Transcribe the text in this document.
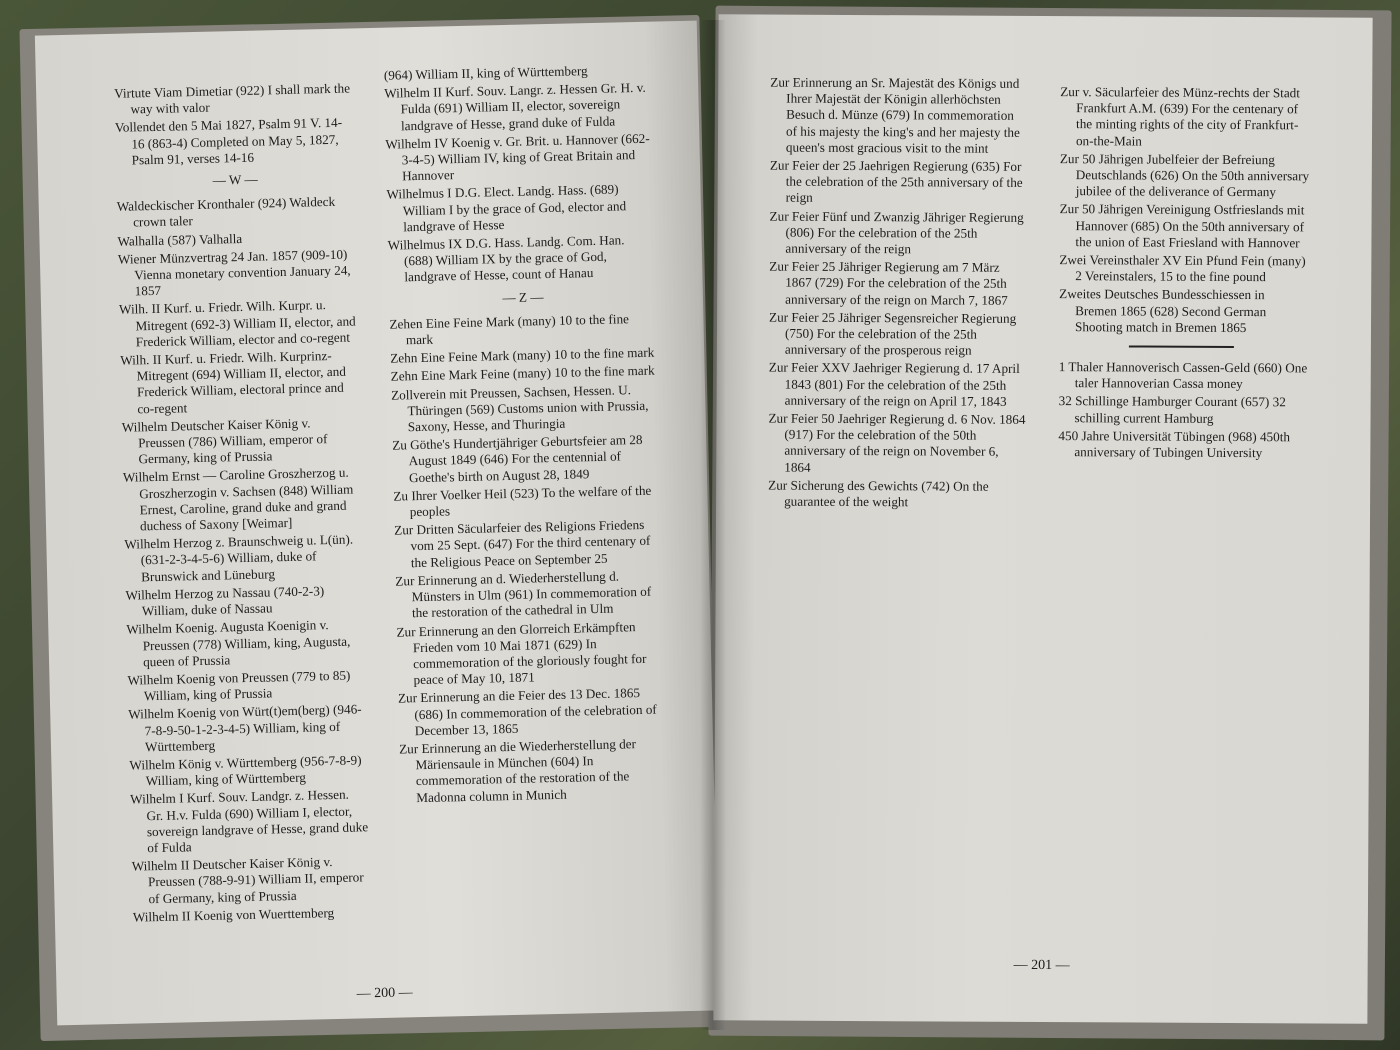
Virtute Viam Dimetiar (922) I shall mark the way with valor

Vollendet den 5 Mai 1827, Psalm 91 V. 14-16 (863-4) Completed on May 5, 1827, Psalm 91, verses 14-16

— W —

Waldeckischer Kronthaler (924) Waldeck crown taler

Walhalla (587) Valhalla

Wiener Münzvertrag 24 Jan. 1857 (909-10) Vienna monetary convention January 24, 1857

Wilh. II Kurf. u. Friedr. Wilh. Kurpr. u. Mitregent (692-3) William II, elector, and Frederick William, elector and co-regent

Wilh. II Kurf. u. Friedr. Wilh. Kurprinz-Mitregent (694) William II, elector, and Frederick William, electoral prince and co-regent

Wilhelm Deutscher Kaiser König v. Preussen (786) William, emperor of Germany, king of Prussia

Wilhelm Ernst — Caroline Groszherzog u. Groszherzogin v. Sachsen (848) William Ernest, Caroline, grand duke and grand duchess of Saxony [Weimar]

Wilhelm Herzog z. Braunschweig u. L(ün). (631-2-3-4-5-6) William, duke of Brunswick and Lüneburg

Wilhelm Herzog zu Nassau (740-2-3) William, duke of Nassau

Wilhelm Koenig. Augusta Koenigin v. Preussen (778) William, king, Augusta, queen of Prussia

Wilhelm Koenig von Preussen (779 to 85) William, king of Prussia

Wilhelm Koenig von Würt(t)em(berg) (946-7-8-9-50-1-2-3-4-5) William, king of Württemberg

Wilhelm König v. Württemberg (956-7-8-9) William, king of Württemberg

Wilhelm I Kurf. Souv. Landgr. z. Hessen. Gr. H.v. Fulda (690) William I, elector, sovereign landgrave of Hesse, grand duke of Fulda

Wilhelm II Deutscher Kaiser König v. Preussen (788-9-91) William II, emperor of Germany, king of Prussia

Wilhelm II Koenig von Wuerttemberg

(964) William II, king of Württemberg

Wilhelm II Kurf. Souv. Langr. z. Hessen Gr. H. v. Fulda (691) William II, elector, sovereign landgrave of Hesse, grand duke of Fulda

Wilhelm IV Koenig v. Gr. Brit. u. Hannover (662-3-4-5) William IV, king of Great Britain and Hannover

Wilhelmus I D.G. Elect. Landg. Hass. (689) William I by the grace of God, elector and landgrave of Hesse

Wilhelmus IX D.G. Hass. Landg. Com. Han. (688) William IX by the grace of God, landgrave of Hesse, count of Hanau

— Z —

Zehen Eine Feine Mark (many) 10 to the fine mark

Zehn Eine Feine Mark (many) 10 to the fine mark

Zehn Eine Mark Feine (many) 10 to the fine mark

Zollverein mit Preussen, Sachsen, Hessen. U. Thüringen (569) Customs union with Prussia, Saxony, Hesse, and Thuringia

Zu Göthe's Hundertjähriger Geburtsfeier am 28 August 1849 (646) For the centennial of Goethe's birth on August 28, 1849

Zu Ihrer Voelker Heil (523) To the welfare of the peoples

Zur Dritten Säcularfeier des Religions Friedens vom 25 Sept. (647) For the third centenary of the Religious Peace on September 25

Zur Erinnerung an d. Wiederherstellung d. Münsters in Ulm (961) In commemoration of the restoration of the cathedral in Ulm

Zur Erinnerung an den Glorreich Erkämpften Frieden vom 10 Mai 1871 (629) In commemoration of the gloriously fought for peace of May 10, 1871

Zur Erinnerung an die Feier des 13 Dec. 1865 (686) In commemoration of the celebration of December 13, 1865

Zur Erinnerung an die Wiederherstellung der Märiensaule in München (604) In commemoration of the restoration of the Madonna column in Munich

— 200 —

Zur Erinnerung an Sr. Majestät des Königs und Ihrer Majestät der Königin allerhöchsten Besuch d. Münze (679) In commemoration of his majesty the king's and her majesty the queen's most gracious visit to the mint

Zur Feier der 25 Jaehrigen Regierung (635) For the celebration of the 25th anniversary of the reign

Zur Feier Fünf und Zwanzig Jähriger Regierung (806) For the celebration of the 25th anniversary of the reign

Zur Feier 25 Jähriger Regierung am 7 März 1867 (729) For the celebration of the 25th anniversary of the reign on March 7, 1867

Zur Feier 25 Jähriger Segensreicher Regierung (750) For the celebration of the 25th anniversary of the prosperous reign

Zur Feier XXV Jaehriger Regierung d. 17 April 1843 (801) For the celebration of the 25th anniversary of the reign on April 17, 1843

Zur Feier 50 Jaehriger Regierung d. 6 Nov. 1864 (917) For the celebration of the 50th anniversary of the reign on November 6, 1864

Zur Sicherung des Gewichts (742) On the guarantee of the weight

Zur v. Säcularfeier des Münz-rechts der Stadt Frankfurt A.M. (639) For the centenary of the minting rights of the city of Frankfurt-on-the-Main

Zur 50 Jährigen Jubelfeier der Befreiung Deutschlands (626) On the 50th anniversary jubilee of the deliverance of Germany

Zur 50 Jährigen Vereinigung Ostfrieslands mit Hannover (685) On the 50th anniversary of the union of East Friesland with Hannover

Zwei Vereinsthaler XV Ein Pfund Fein (many) 2 Vereinstalers, 15 to the fine pound

Zweites Deutsches Bundesschiessen in Bremen 1865 (628) Second German Shooting match in Bremen 1865

1 Thaler Hannoverisch Cassen-Geld (660) One taler Hannoverian Cassa money

32 Schillinge Hamburger Courant (657) 32 schilling current Hamburg

450 Jahre Universität Tübingen (968) 450th anniversary of Tubingen University

— 201 —
